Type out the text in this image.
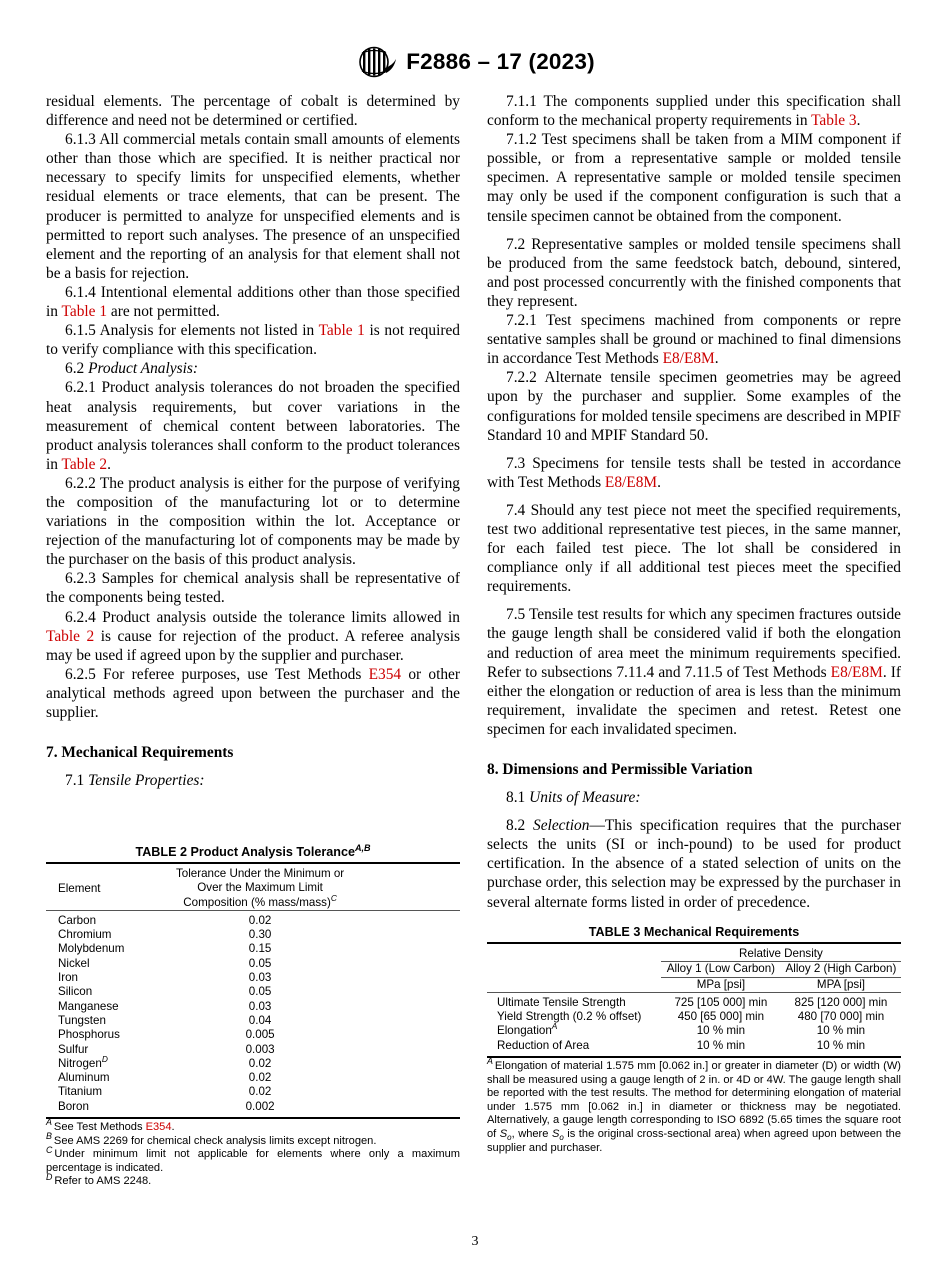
F2886 – 17 (2023)

residual elements. The percentage of cobalt is determined by difference and need not be determined or certified.

6.1.3 All commercial metals contain small amounts of elements other than those which are specified. It is neither practical nor necessary to specify limits for unspecified elements, whether residual elements or trace elements, that can be present. The producer is permitted to analyze for unspecified elements and is permitted to report such analyses. The presence of an unspecified element and the reporting of an analysis for that element shall not be a basis for rejection.

6.1.4 Intentional elemental additions other than those specified in Table 1 are not permitted.

6.1.5 Analysis for elements not listed in Table 1 is not required to verify compliance with this specification.

6.2 Product Analysis:

6.2.1 Product analysis tolerances do not broaden the speci​fied heat analysis requirements, but cover variations in the measurement of chemical content between laboratories. The product analysis tolerances shall conform to the product tolerances in Table 2.

6.2.2 The product analysis is either for the purpose of verifying the composition of the manufacturing lot or to determine variations in the composition within the lot. Accep​tance or rejection of the manufacturing lot of components may be made by the purchaser on the basis of this product analysis.

6.2.3 Samples for chemical analysis shall be representative of the components being tested.

6.2.4 Product analysis outside the tolerance limits allowed in Table 2 is cause for rejection of the product. A referee analysis may be used if agreed upon by the supplier and purchaser.

6.2.5 For referee purposes, use Test Methods E354 or other analytical methods agreed upon between the purchaser and the supplier.

7. Mechanical Requirements

7.1 Tensile Properties:

7.1.1 The components supplied under this specification shall conform to the mechanical property requirements in Table 3.

7.1.2 Test specimens shall be taken from a MIM component if possible, or from a representative sample or molded tensile specimen. A representative sample or molded tensile specimen may only be used if the component configuration is such that a tensile specimen cannot be obtained from the component.

7.2 Representative samples or molded tensile specimens shall be produced from the same feedstock batch, debound, sintered, and post processed concurrently with the finished components that they represent.

7.2.1 Test specimens machined from components or repre​sentative samples shall be ground or machined to final dimen​sions in accordance Test Methods E8/E8M.

7.2.2 Alternate tensile specimen geometries may be agreed upon by the purchaser and supplier. Some examples of the configurations for molded tensile specimens are described in MPIF Standard 10 and MPIF Standard 50.

7.3 Specimens for tensile tests shall be tested in accordance with Test Methods E8/E8M.

7.4 Should any test piece not meet the specified requirements, test two additional representative test pieces, in the same manner, for each failed test piece. The lot shall be considered in compliance only if all additional test pieces meet the specified requirements.

7.5 Tensile test results for which any specimen fractures outside the gauge length shall be considered valid if both the elongation and reduction of area meet the minimum require​ments specified. Refer to subsections 7.11.4 and 7.11.5 of Test Methods E8/E8M. If either the elongation or reduction of area is less than the minimum requirement, invalidate the specimen and retest. Retest one specimen for each invalidated specimen.

8. Dimensions and Permissible Variation

8.1 Units of Measure:

8.2 Selection—This specification requires that the purchaser selects the units (SI or inch-pound) to be used for product certification. In the absence of a stated selection of units on the purchase order, this selection may be expressed by the pur​chaser in several alternate forms listed in order of precedence.

TABLE 2 Product Analysis Tolerance$^{A,B}$
Element	Tolerance Under the Minimum or
Over the Maximum Limit
Composition (% mass/mass)$^C$

Carbon	0.02
Chromium	0.30
Molybdenum	0.15
Nickel	0.05
Iron	0.03
Silicon	0.05
Manganese	0.03
Tungsten	0.04
Phosphorus	0.005
Sulfur	0.003
Nitrogen$^D$	0.02
Aluminum	0.02
Titanium	0.02
Boron	0.002

$^A$ See Test Methods E354.

$^B$ See AMS 2269 for chemical check analysis limits except nitrogen.

$^C$ Under minimum limit not applicable for elements where only a maximum percentage is indicated.

$^D$ Refer to AMS 2248.

TABLE 3 Mechanical Requirements
	Relative Density	
	Alloy 1 (Low Carbon)	Alloy 2 (High Carbon)
	MPa [psi]	MPA [psi]
Ultimate Tensile Strength	725 [105 000] min	825 [120 000] min
Yield Strength (0.2 % offset)	450 [65 000] min	480 [70 000] min
Elongation$^A$	10 % min	10 % min
Reduction of Area	10 % min	10 % min

$^A$ Elongation of material 1.575 mm [0.062 in.] or greater in diameter (D) or width (W) shall be measured using a gauge length of 2 in. or 4D or 4W. The gauge length shall be reported with the test results. The method for determining elongation of material under 1.575 mm [0.062 in.] in diameter or thickness may be negotiated. Alternatively, a gauge length corresponding to ISO 6892 (5.65 times the square root of $S_o$, where $S_o$ is the original cross-sectional area) when agreed upon between the supplier and purchaser.

3
